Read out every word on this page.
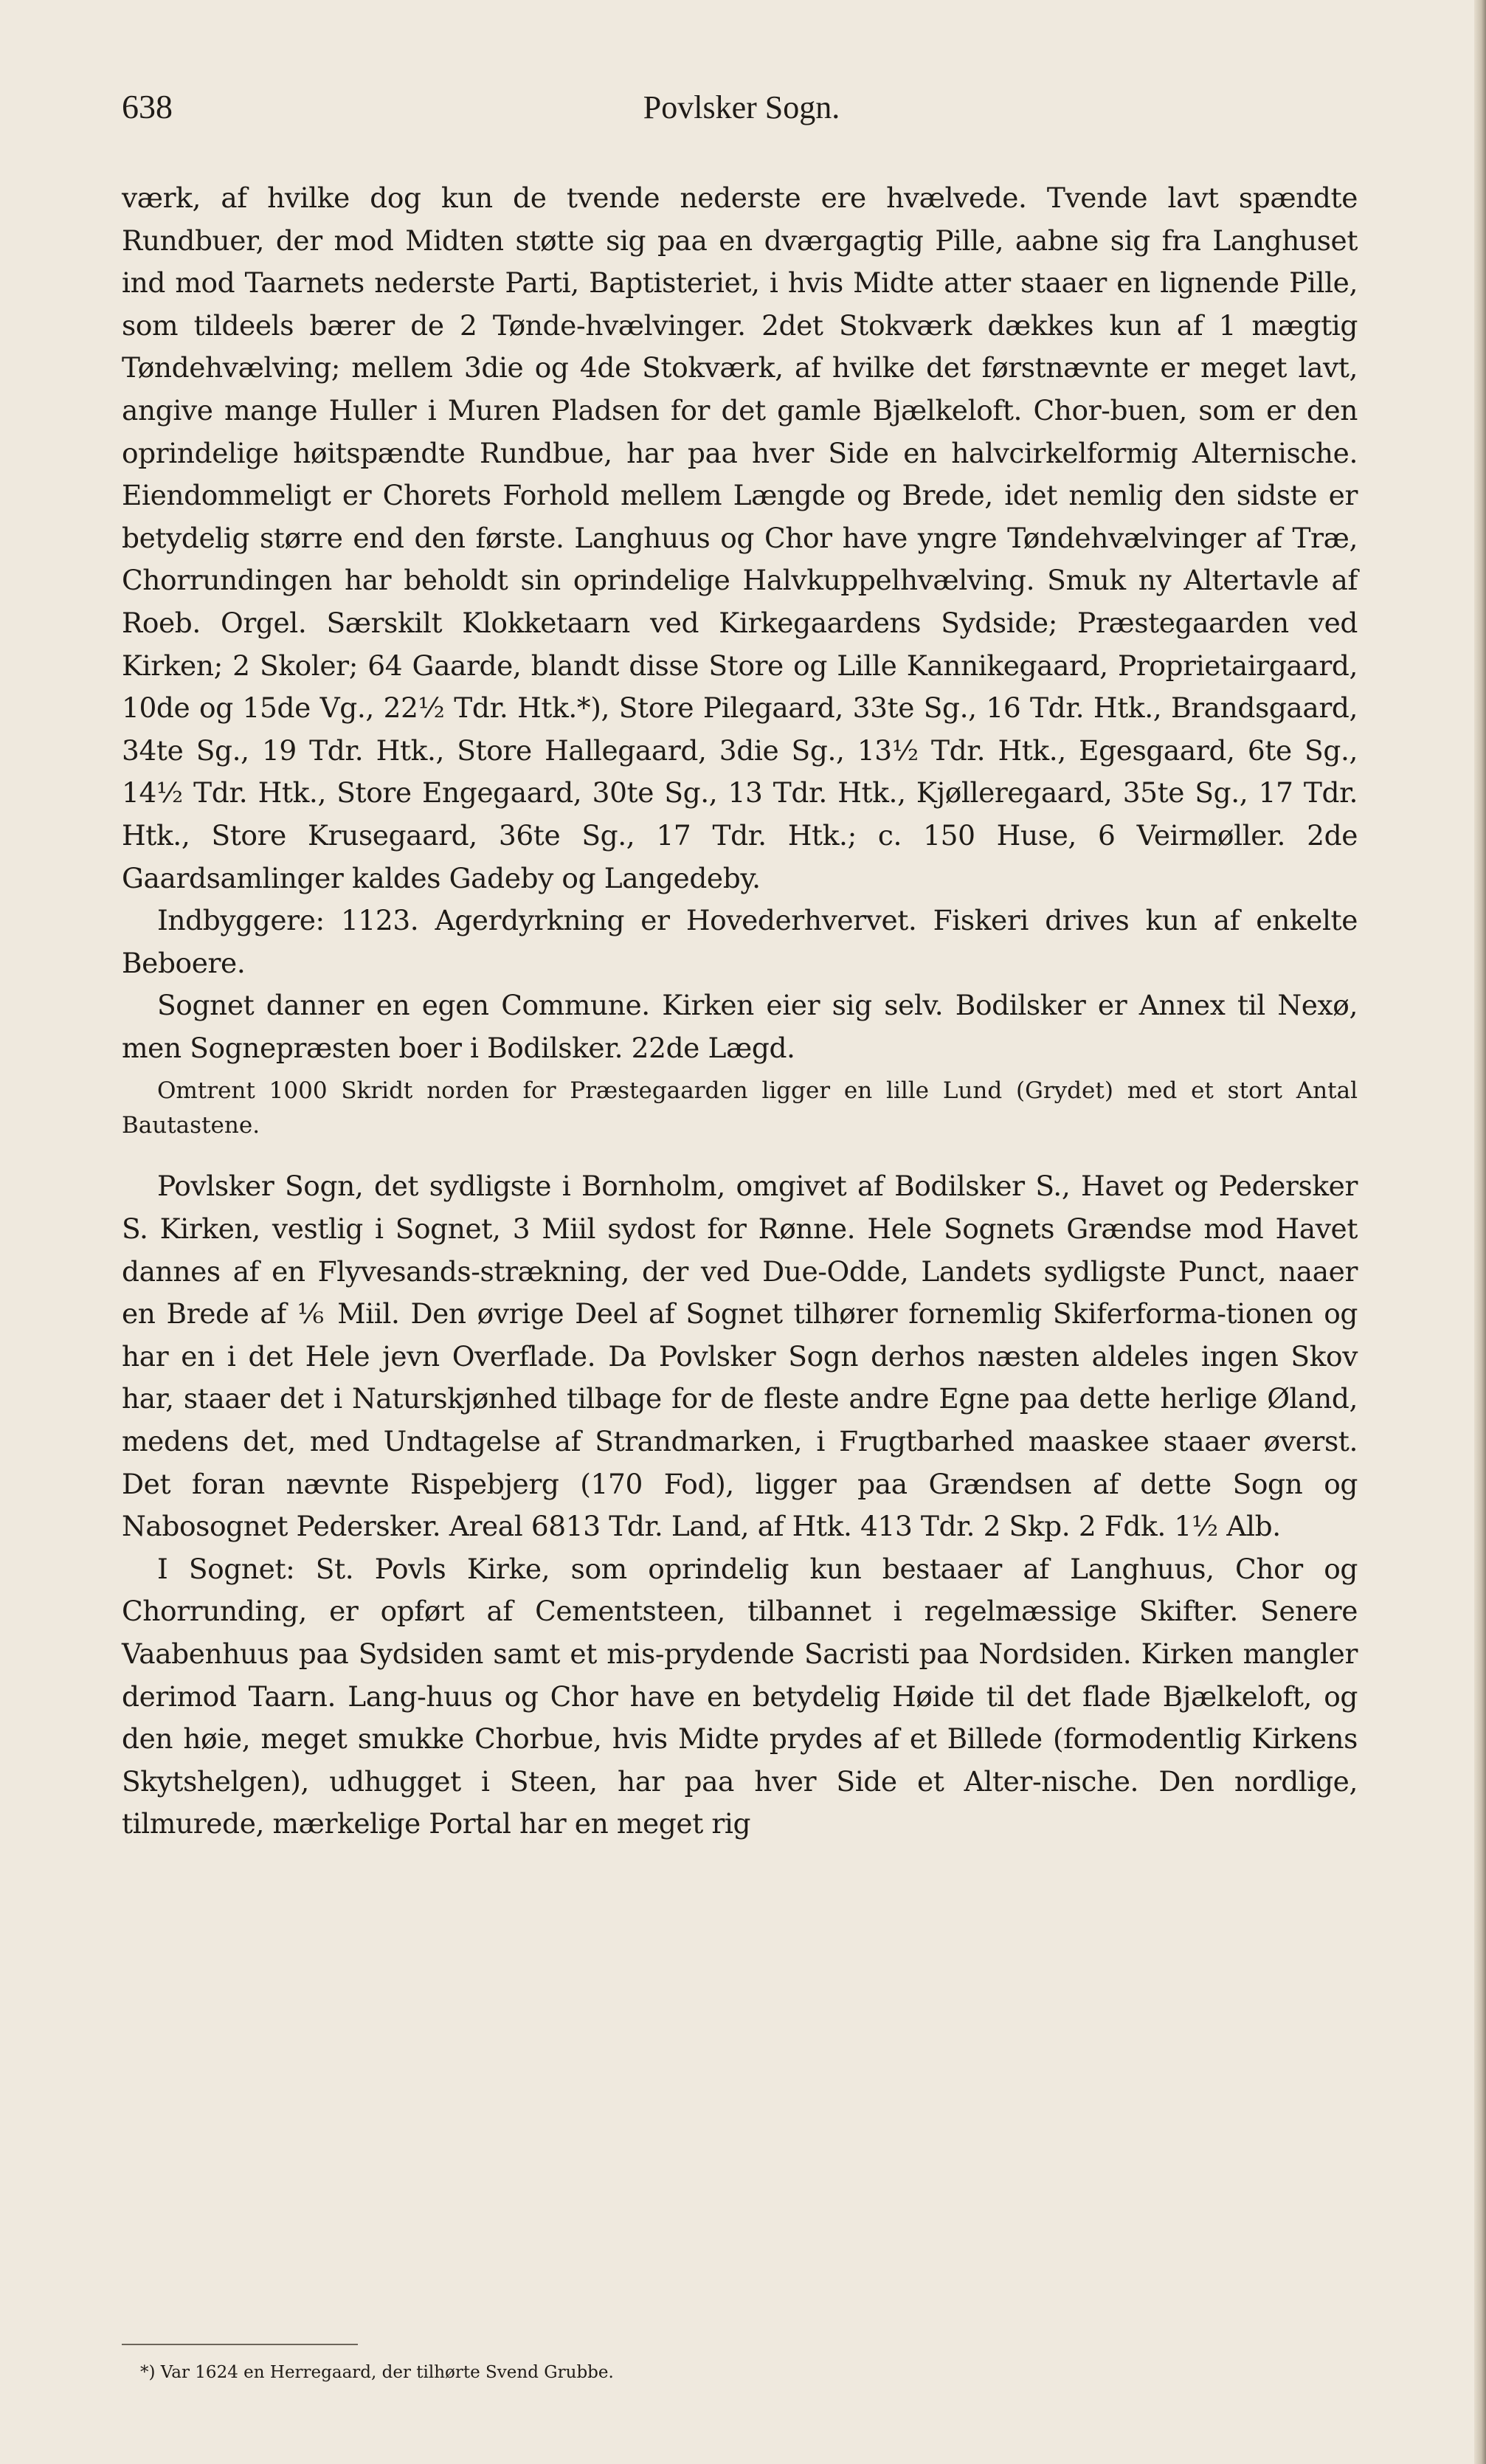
638	Povlsker Sogn.

værk, af hvilke dog kun de tvende nederste ere hvælvede. Tvende lavt spændte Rundbuer, der mod Midten støtte sig paa en dværgagtig Pille, aabne sig fra Langhuset ind mod Taarnets nederste Parti, Baptisteriet, i hvis Midte atter staaer en lignende Pille, som tildeels bærer de 2 Tønde-hvælvinger. 2det Stokværk dækkes kun af 1 mægtig Tøndehvælving; mellem 3die og 4de Stokværk, af hvilke det førstnævnte er meget lavt, angive mange Huller i Muren Pladsen for det gamle Bjælkeloft. Chor-buen, som er den oprindelige høitspændte Rundbue, har paa hver Side en halvcirkelformig Alternische. Eiendommeligt er Chorets Forhold mellem Længde og Brede, idet nemlig den sidste er betydelig større end den første. Langhuus og Chor have yngre Tøndehvælvinger af Træ, Chorrundingen har beholdt sin oprindelige Halvkuppelhvælving. Smuk ny Altertavle af Roeb. Orgel. Særskilt Klokketaarn ved Kirkegaardens Sydside; Præstegaarden ved Kirken; 2 Skoler; 64 Gaarde, blandt disse Store og Lille Kannikegaard, Proprietairgaard, 10de og 15de Vg., 22½ Tdr. Htk.*), Store Pilegaard, 33te Sg., 16 Tdr. Htk., Brandsgaard, 34te Sg., 19 Tdr. Htk., Store Hallegaard, 3die Sg., 13½ Tdr. Htk., Egesgaard, 6te Sg., 14½ Tdr. Htk., Store Engegaard, 30te Sg., 13 Tdr. Htk., Kjølleregaard, 35te Sg., 17 Tdr. Htk., Store Krusegaard, 36te Sg., 17 Tdr. Htk.; c. 150 Huse, 6 Veirmøller. 2de Gaardsamlinger kaldes Gadeby og Langedeby.

Indbyggere: 1123. Agerdyrkning er Hovederhvervet. Fiskeri drives kun af enkelte Beboere.

Sognet danner en egen Commune. Kirken eier sig selv. Bodilsker er Annex til Nexø, men Sognepræsten boer i Bodilsker. 22de Lægd.

Omtrent 1000 Skridt norden for Præstegaarden ligger en lille Lund (Grydet) med et stort Antal Bautastene.

Povlsker Sogn, det sydligste i Bornholm, omgivet af Bodilsker S., Havet og Pedersker S. Kirken, vestlig i Sognet, 3 Miil sydost for Rønne. Hele Sognets Grændse mod Havet dannes af en Flyvesands-strækning, der ved Due-Odde, Landets sydligste Punct, naaer en Brede af ⅙ Miil. Den øvrige Deel af Sognet tilhører fornemlig Skiferforma-tionen og har en i det Hele jevn Overflade. Da Povlsker Sogn derhos næsten aldeles ingen Skov har, staaer det i Naturskjønhed tilbage for de fleste andre Egne paa dette herlige Øland, medens det, med Undtagelse af Strandmarken, i Frugtbarhed maaskee staaer øverst. Det foran nævnte Rispebjerg (170 Fod), ligger paa Grændsen af dette Sogn og Nabosognet Pedersker. Areal 6813 Tdr. Land, af Htk. 413 Tdr. 2 Skp. 2 Fdk. 1½ Alb.

I Sognet: St. Povls Kirke, som oprindelig kun bestaaer af Langhuus, Chor og Chorrunding, er opført af Cementsteen, tilbannet i regelmæssige Skifter. Senere Vaabenhuus paa Sydsiden samt et mis-prydende Sacristi paa Nordsiden. Kirken mangler derimod Taarn. Lang-huus og Chor have en betydelig Høide til det flade Bjælkeloft, og den høie, meget smukke Chorbue, hvis Midte prydes af et Billede (formodentlig Kirkens Skytshelgen), udhugget i Steen, har paa hver Side et Alter-nische. Den nordlige, tilmurede, mærkelige Portal har en meget rig

*) Var 1624 en Herregaard, der tilhørte Svend Grubbe.
